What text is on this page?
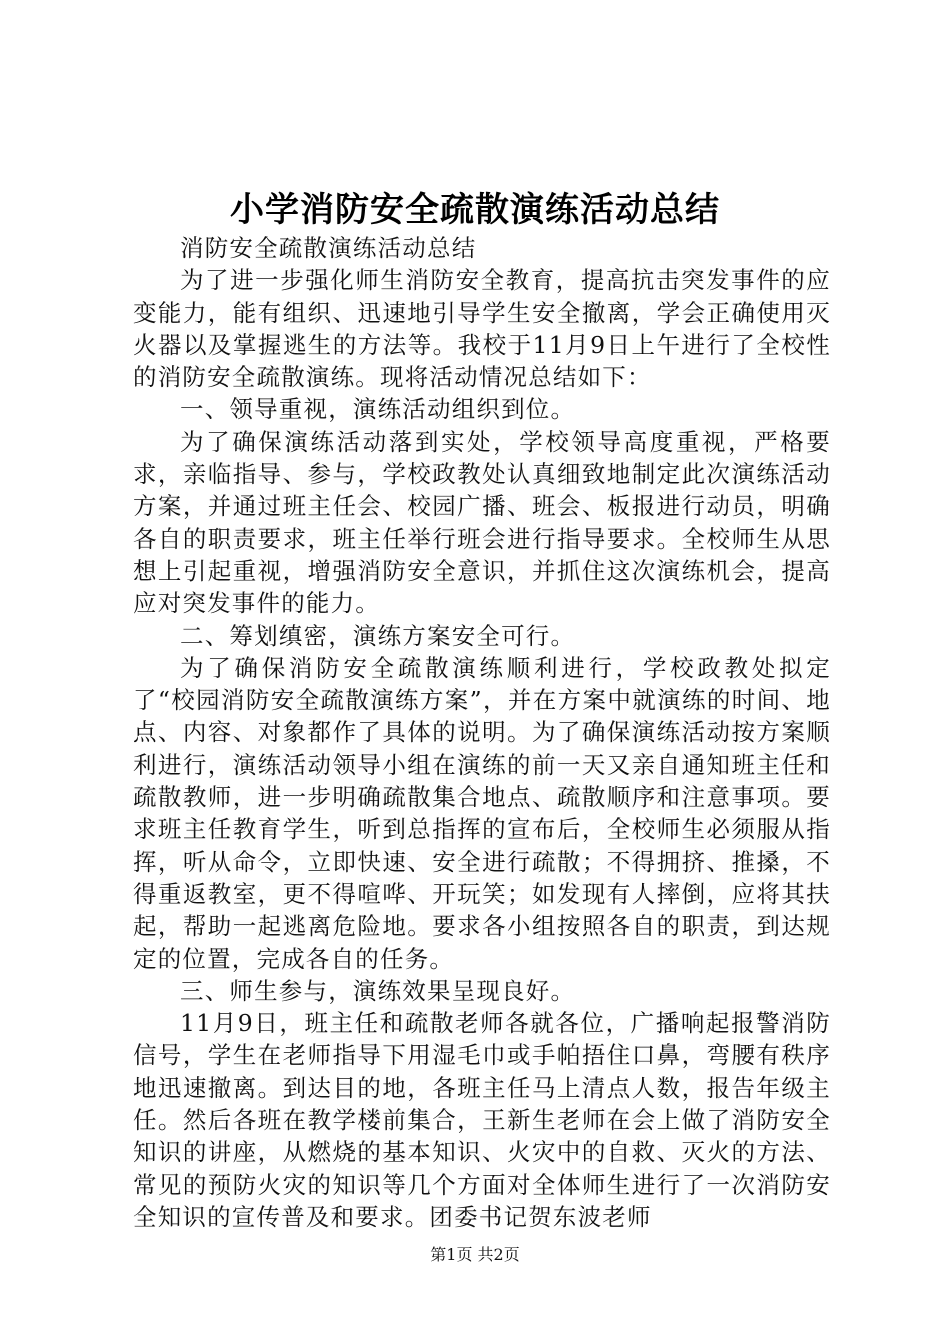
小学消防安全疏散演练活动总结

消防安全疏散演练活动总结

为了进一步强化师生消防安全教育，提高抗击突发事件的应变能力，能有组织、迅速地引导学生安全撤离，学会正确使用灭火器以及掌握逃生的方法等。我校于11月9日上午进行了全校性的消防安全疏散演练。现将活动情况总结如下：

一、领导重视，演练活动组织到位。

为了确保演练活动落到实处，学校领导高度重视，严格要求，亲临指导、参与，学校政教处认真细致地制定此次演练活动方案，并通过班主任会、校园广播、班会、板报进行动员，明确各自的职责要求，班主任举行班会进行指导要求。全校师生从思想上引起重视，增强消防安全意识，并抓住这次演练机会，提高应对突发事件的能力。

二、筹划缜密，演练方案安全可行。

为了确保消防安全疏散演练顺利进行，学校政教处拟定了“校园消防安全疏散演练方案”，并在方案中就演练的时间、地点、内容、对象都作了具体的说明。为了确保演练活动按方案顺利进行，演练活动领导小组在演练的前一天又亲自通知班主任和疏散教师，进一步明确疏散集合地点、疏散顺序和注意事项。要求班主任教育学生，听到总指挥的宣布后，全校师生必须服从指挥，听从命令，立即快速、安全进行疏散；不得拥挤、推搡，不得重返教室，更不得喧哗、开玩笑；如发现有人摔倒，应将其扶起，帮助一起逃离危险地。要求各小组按照各自的职责，到达规定的位置，完成各自的任务。

三、师生参与，演练效果呈现良好。

11月9日，班主任和疏散老师各就各位，广播响起报警消防信号，学生在老师指导下用湿毛巾或手帕捂住口鼻，弯腰有秩序地迅速撤离。到达目的地，各班主任马上清点人数，报告年级主任。然后各班在教学楼前集合，王新生老师在会上做了消防安全知识的讲座，从燃烧的基本知识、火灾中的自救、灭火的方法、常见的预防火灾的知识等几个方面对全体师生进行了一次消防安全知识的宣传普及和要求。团委书记贺东波老师

第1页 共2页
